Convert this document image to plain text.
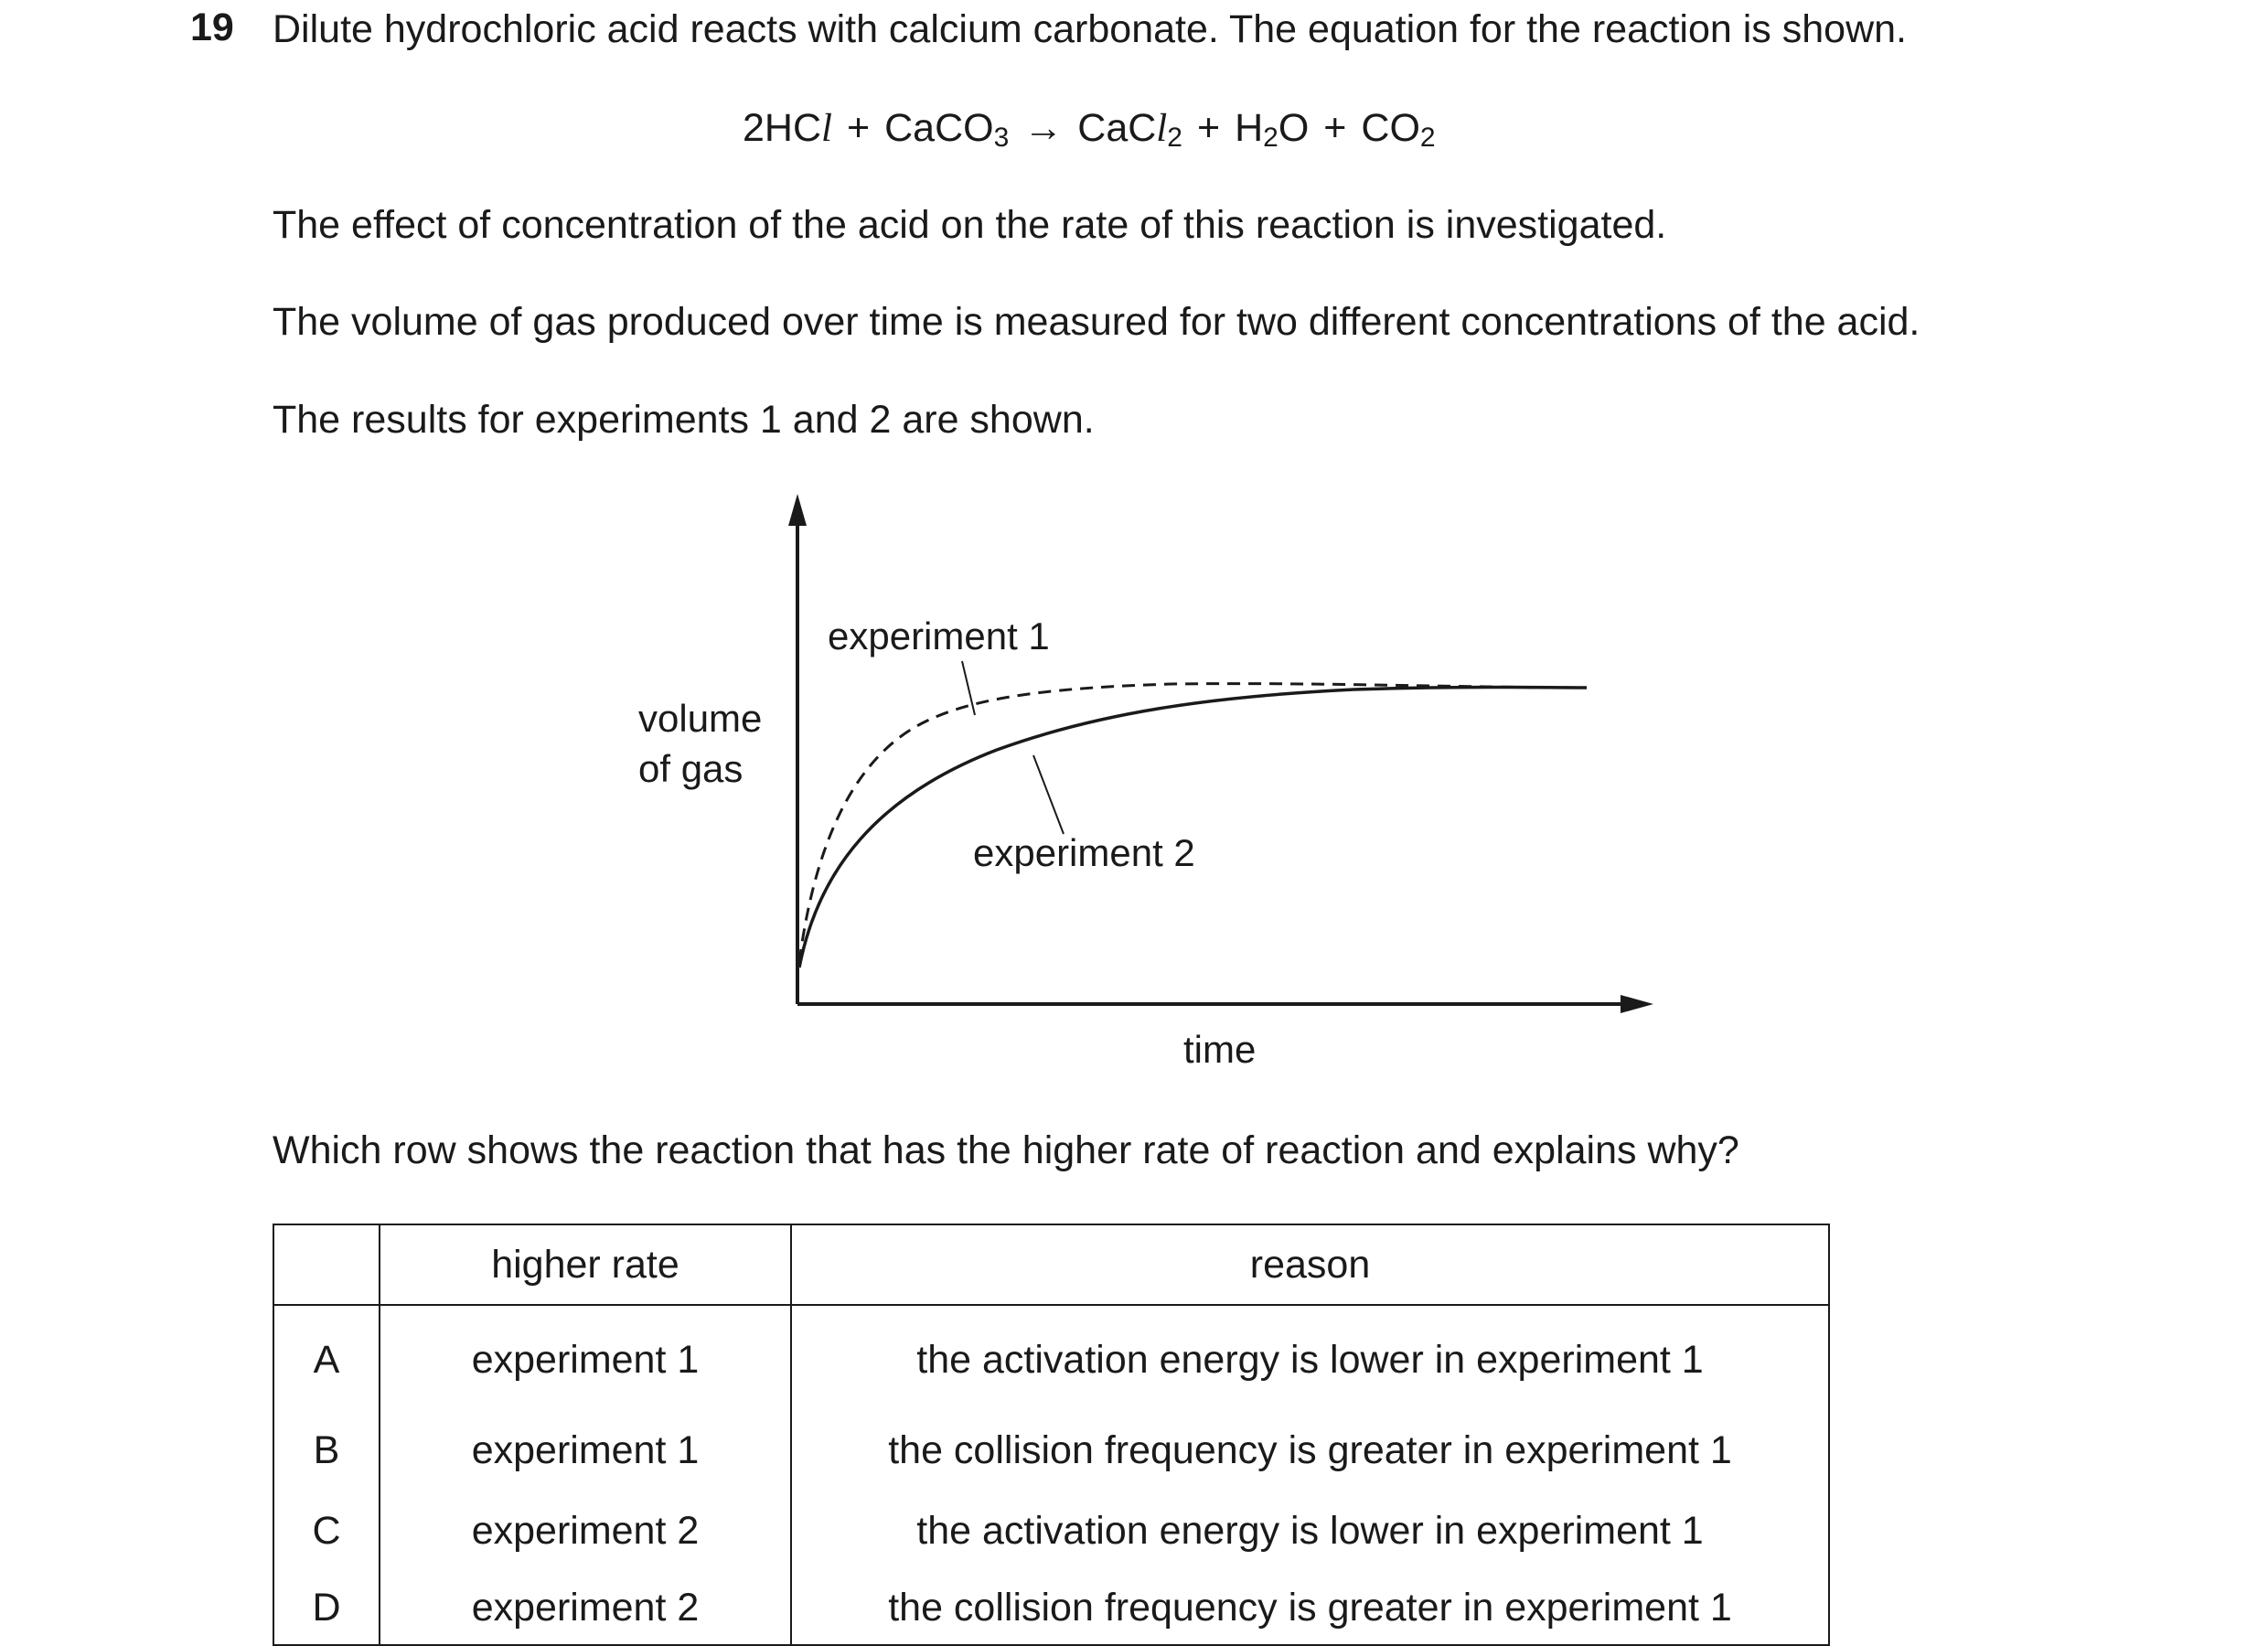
19 Dilute hydrochloric acid reacts with calcium carbonate. The equation for the reaction is shown.
2HCl + CaCO$_3$ → CaCl$_2$ + $H_2O + CO_2$
The effect of concentration of the acid on the rate of this reaction is investigated.
The volume of gas produced over time is measured for two different concentrations of the acid.
The results for experiments 1 and 2 are shown.
experiment 1
experiment 2
volume
of gas
time
Which row shows the reaction that has the higher rate of reaction and explains why?
	higher rate	reason
A	experiment 1	the activation energy is lower in experiment 1
B	experiment 1	the collision frequency is greater in experiment 1
C	experiment 2	the activation energy is lower in experiment 1
D	experiment 2	the collision frequency is greater in experiment 1
